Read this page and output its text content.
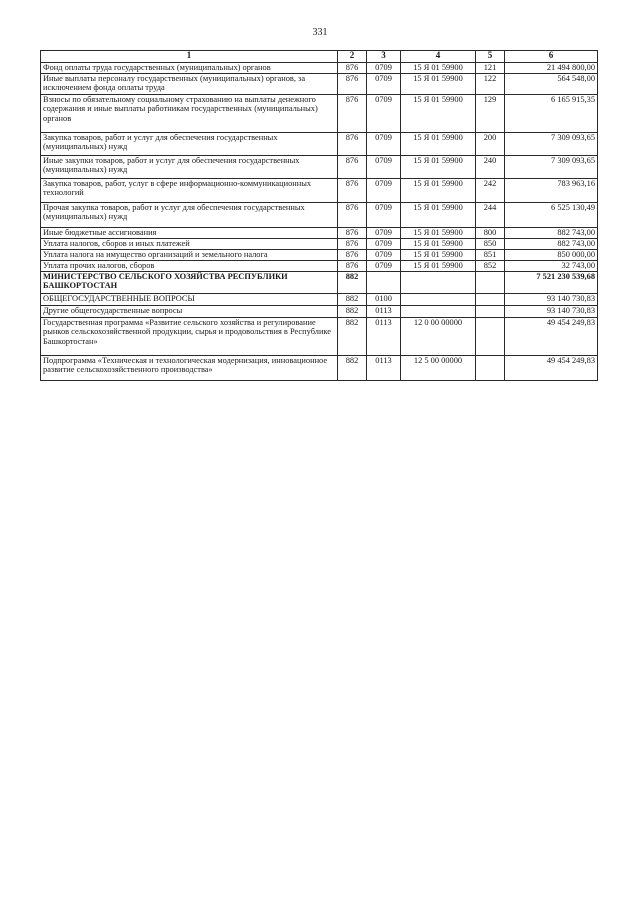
331
1	2	3	4	5	6
Фонд оплаты труда государственных (муниципальных) органов	876	0709	15 Я 01 59900	121	21 494 800,00
Иные выплаты персоналу государственных (муниципальных) органов, за исключением фонда оплаты труда	876	0709	15 Я 01 59900	122	564 548,00
Взносы по обязательному социальному страхованию на выплаты денежного содержания и иные выплаты работникам государственных (муниципальных) органов	876	0709	15 Я 01 59900	129	6 165 915,35
Закупка товаров, работ и услуг для обеспечения государственных (муниципальных) нужд	876	0709	15 Я 01 59900	200	7 309 093,65
Иные закупки товаров, работ и услуг для обеспечения государственных (муниципальных) нужд	876	0709	15 Я 01 59900	240	7 309 093,65
Закупка товаров, работ, услуг в сфере информационно-коммуникационных технологий	876	0709	15 Я 01 59900	242	783 963,16
Прочая закупка товаров, работ и услуг для обеспечения государственных (муниципальных) нужд	876	0709	15 Я 01 59900	244	6 525 130,49
Иные бюджетные ассигнования	876	0709	15 Я 01 59900	800	882 743,00
Уплата налогов, сборов и иных платежей	876	0709	15 Я 01 59900	850	882 743,00
Уплата налога на имущество организаций и земельного налога	876	0709	15 Я 01 59900	851	850 000,00
Уплата прочих налогов, сборов	876	0709	15 Я 01 59900	852	32 743,00
МИНИСТЕРСТВО СЕЛЬСКОГО ХОЗЯЙСТВА РЕСПУБЛИКИ БАШКОРТОСТАН	882				7 521 230 539,68
ОБЩЕГОСУДАРСТВЕННЫЕ ВОПРОСЫ	882	0100			93 140 730,83
Другие общегосударственные вопросы	882	0113			93 140 730,83
Государственная программа «Развитие сельского хозяйства и регулирование рынков сельскохозяйственной продукции, сырья и продовольствия в Республике Башкортостан»	882	0113	12 0 00 00000		49 454 249,83
Подпрограмма «Техническая и технологическая модернизация, инновационное развитие сельскохозяйственного производства»	882	0113	12 5 00 00000		49 454 249,83
